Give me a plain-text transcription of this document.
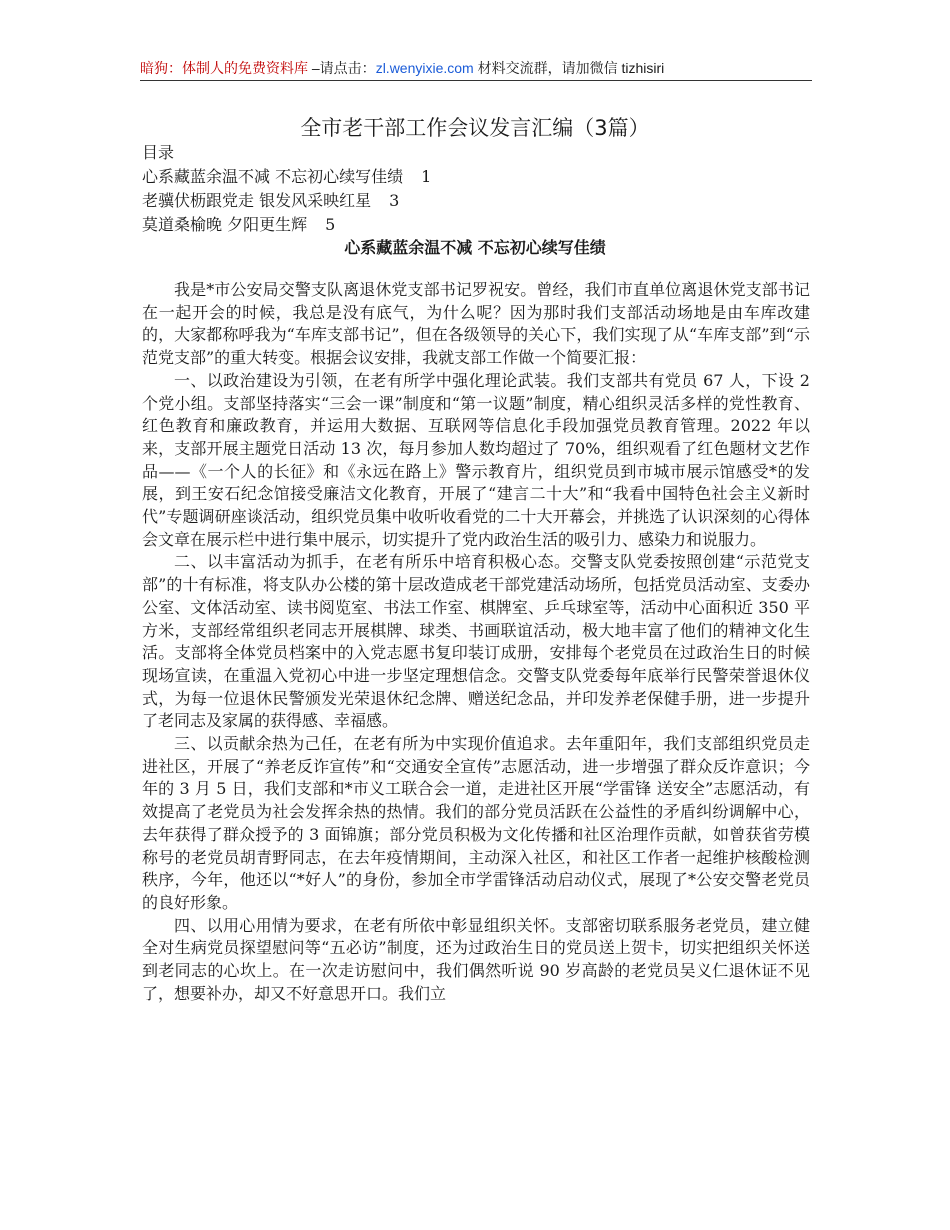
暗狗：体制人的免费资料库 –请点击：zl.wenyixie.com 材料交流群，请加微信 tizhisiri
全市老干部工作会议发言汇编（3篇）
目录
心系藏蓝余温不减 不忘初心续写佳绩 1
老骥伏枥跟党走 银发风采映红星 3
莫道桑榆晚 夕阳更生辉 5
心系藏蓝余温不减 不忘初心续写佳绩

我是*市公安局交警支队离退休党支部书记罗祝安。曾经，我们市直单位离退休党支部书记在一起开会的时候，我总是没有底气，为什么呢？因为那时我们支部活动场地是由车库改建的，大家都称呼我为“车库支部书记”，但在各级领导的关心下，我们实现了从“车库支部”到“示范党支部”的重大转变。根据会议安排，我就支部工作做一个简要汇报：

一、以政治建设为引领，在老有所学中强化理论武装。我们支部共有党员 67 人，下设 2 个党小组。支部坚持落实“三会一课”制度和“第一议题”制度，精心组织灵活多样的党性教育、红色教育和廉政教育，并运用大数据、互联网等信息化手段加强党员教育管理。2022 年以来，支部开展主题党日活动 13 次，每月参加人数均超过了 70%，组织观看了红色题材文艺作品——《一个人的长征》和《永远在路上》警示教育片，组织党员到市城市展示馆感受*的发展，到王安石纪念馆接受廉洁文化教育，开展了“建言二十大”和“我看中国特色社会主义新时代”专题调研座谈活动，组织党员集中收听收看党的二十大开幕会，并挑选了认识深刻的心得体会文章在展示栏中进行集中展示，切实提升了党内政治生活的吸引力、感染力和说服力。

二、以丰富活动为抓手，在老有所乐中培育积极心态。交警支队党委按照创建“示范党支部”的十有标准，将支队办公楼的第十层改造成老干部党建活动场所，包括党员活动室、支委办公室、文体活动室、读书阅览室、书法工作室、棋牌室、乒乓球室等，活动中心面积近 350 平方米，支部经常组织老同志开展棋牌、球类、书画联谊活动，极大地丰富了他们的精神文化生活。支部将全体党员档案中的入党志愿书复印装订成册，安排每个老党员在过政治生日的时候现场宣读，在重温入党初心中进一步坚定理想信念。交警支队党委每年底举行民警荣誉退休仪式，为每一位退休民警颁发光荣退休纪念牌、赠送纪念品，并印发养老保健手册，进一步提升了老同志及家属的获得感、幸福感。

三、以贡献余热为己任，在老有所为中实现价值追求。去年重阳年，我们支部组织党员走进社区，开展了“养老反诈宣传”和“交通安全宣传”志愿活动，进一步增强了群众反诈意识；今年的 3 月 5 日，我们支部和*市义工联合会一道，走进社区开展“学雷锋 送安全”志愿活动，有效提高了老党员为社会发挥余热的热情。我们的部分党员活跃在公益性的矛盾纠纷调解中心，去年获得了群众授予的 3 面锦旗；部分党员积极为文化传播和社区治理作贡献，如曾获省劳模称号的老党员胡青野同志，在去年疫情期间，主动深入社区，和社区工作者一起维护核酸检测秩序，今年，他还以“*好人”的身份，参加全市学雷锋活动启动仪式，展现了*公安交警老党员的良好形象。

四、以用心用情为要求，在老有所依中彰显组织关怀。支部密切联系服务老党员，建立健全对生病党员探望慰问等“五必访”制度，还为过政治生日的党员送上贺卡，切实把组织关怀送到老同志的心坎上。在一次走访慰问中，我们偶然听说 90 岁高龄的老党员吴义仁退休证不见了，想要补办，却又不好意思开口。我们立
